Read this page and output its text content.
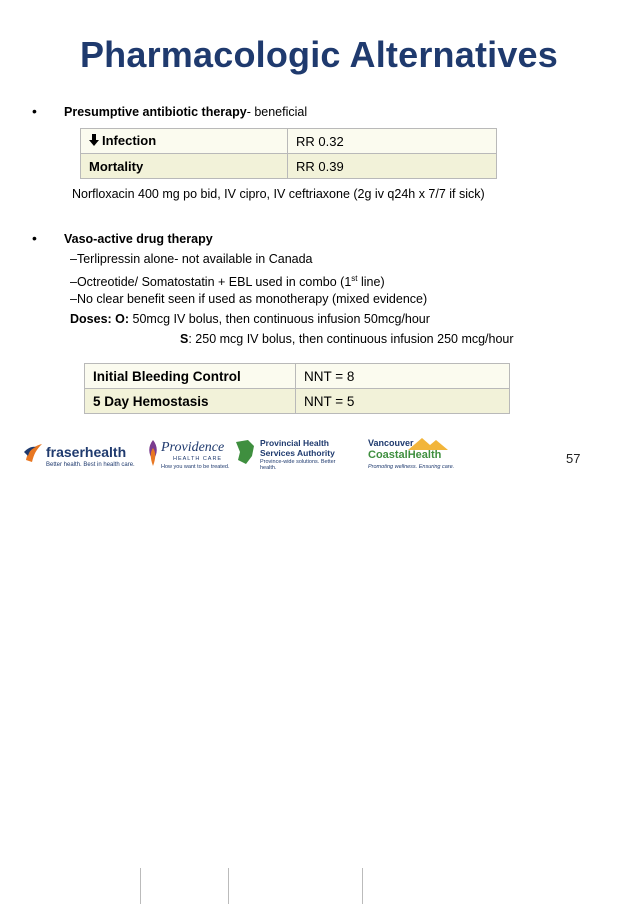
Pharmacologic Alternatives
• Presumptive antibiotic therapy- beneficial
Infection	RR 0.32
Mortality	RR 0.39
Norfloxacin 400 mg po bid, IV cipro, IV ceftriaxone (2g iv q24h x 7/7 if sick)
• Vaso-active drug therapy
–Terlipressin alone- not available in Canada
–Octreotide/ Somatostatin + EBL used in combo (1st line)
–No clear benefit seen if used as monotherapy (mixed evidence)
Doses: O: 50mcg IV bolus, then continuous infusion 50mcg/hour
S: 250 mcg IV bolus, then continuous infusion 250 mcg/hour
Initial Bleeding Control	NNT = 8
5 Day Hemostasis	NNT = 5
fraserhealth
Better health. Best in health care.
Providence
HEALTH CARE
How you want to be treated.
Provincial Health
Services Authority
Province-wide solutions. Better health.
Vancouver
CoastalHealth
Promoting wellness. Ensuring care.
57
